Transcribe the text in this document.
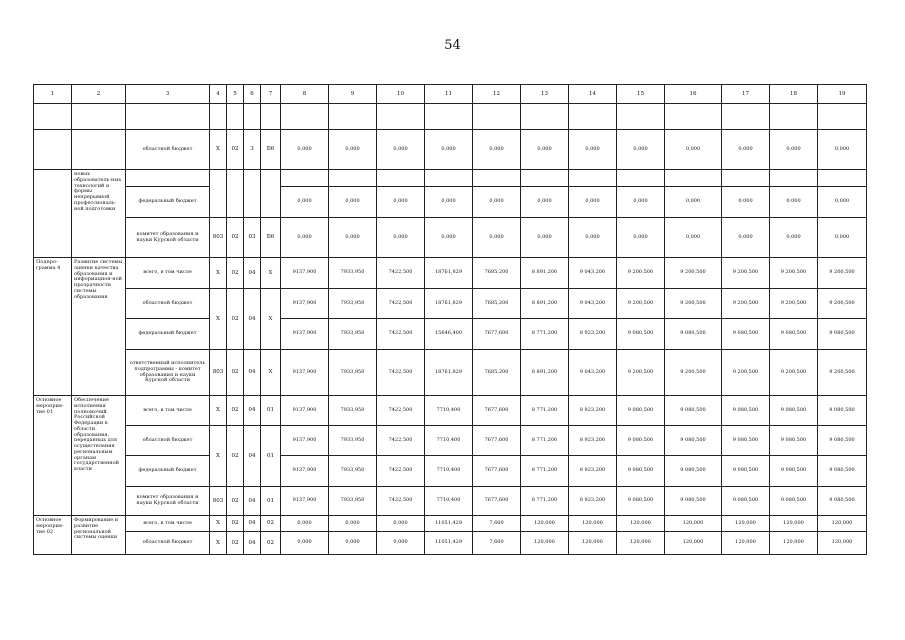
54
1	2	3	4	5	6	7	8	9	10	11	12	13	14	15	16	17	18	19

		областной бюджет	Х	02	3	Б6	0,000	0,000	0,000	0,000	0,000	0,000	0,000	0,000	0,000	0,000	0,000	0,000
	новых образователь-ных технологий и формы непрерывной профессиональ-ной подготовки																	
		федеральный бюджет					0,000	0,000	0,000	0,000	0,000	0,000	0,000	0,000	0,000	0,000	0,000	0,000
		комитет образования и науки Курской области	803	02	03	Б6	0,000	0,000	0,000	0,000	0,000	0,000	0,000	0,000	0,000	0,000	0,000	0,000
Подпро-грамма 4	Развитие системы оценки качества образования и информацион-ной прозрачности системы образования	всего, в том числе	Х	02	04	Х	9137,900	7933,950	7422,500	18761,829	7685,200	8 891,200	9 043,200	9 200,500	9 200,500	9 200,500	9 200,500	9 200,500
		областной бюджет	Х	02	04	Х	9137,900	7933,950	7422,500	18761,829	7685,200	8 891,200	9 043,200	9 200,500	9 200,500	9 200,500	9 200,500	9 200,500
		федеральный бюджет					9137,900	7933,950	7422,500	15646,400	7677,600	8 771,200	8 923,200	9 080,500	9 080,500	9 080,500	9 080,500	9 080,500
		ответственный исполнитель подпрограммы - комитет образования и науки Курской области	803	02	04	Х	9137,900	7933,950	7422,500	18761,829	7685,200	8 891,200	9 043,200	9 200,500	9 200,500	9 200,500	9 200,500	9 200,500
Основное мероприя-тие 01	Обеспечение исполнения полномочий Российской Федерации в области образования, переданных для осуществления региональным органам государственной власти	всего, в том числе	Х	02	04	01	9137,900	7933,950	7422,500	7710,400	7677,600	8 771,200	8 923,200	9 080,500	9 080,500	9 080,500	9 080,500	9 080,500
		областной бюджет	Х	02	04	01	9137,900	7933,950	7422,500	7710,400	7677,600	8 771,200	8 923,200	9 080,500	9 080,500	9 080,500	9 080,500	9 080,500
		федеральный бюджет					9137,900	7933,950	7422,500	7710,400	7677,600	8 771,200	8 923,200	9 080,500	9 080,500	9 080,500	9 080,500	9 080,500
		комитет образования и науки Курской области	803	02	04	01	9137,900	7933,950	7422,500	7710,400	7677,600	8 771,200	8 923,200	9 080,500	9 080,500	9 080,500	9 080,500	9 080,500
Основное мероприя-тие 02	Формирование и развитие региональной системы оценки	всего, в том числе	Х	02	04	02	0,000	0,000	0,000	11051,429	7,600	120,000	120,000	120,000	120,000	120,000	120,000	120,000
		областной бюджет	Х	02	04	02	0,000	0,000	0,000	11051,429	7,600	120,000	120,000	120,000	120,000	120,000	120,000	120,000
